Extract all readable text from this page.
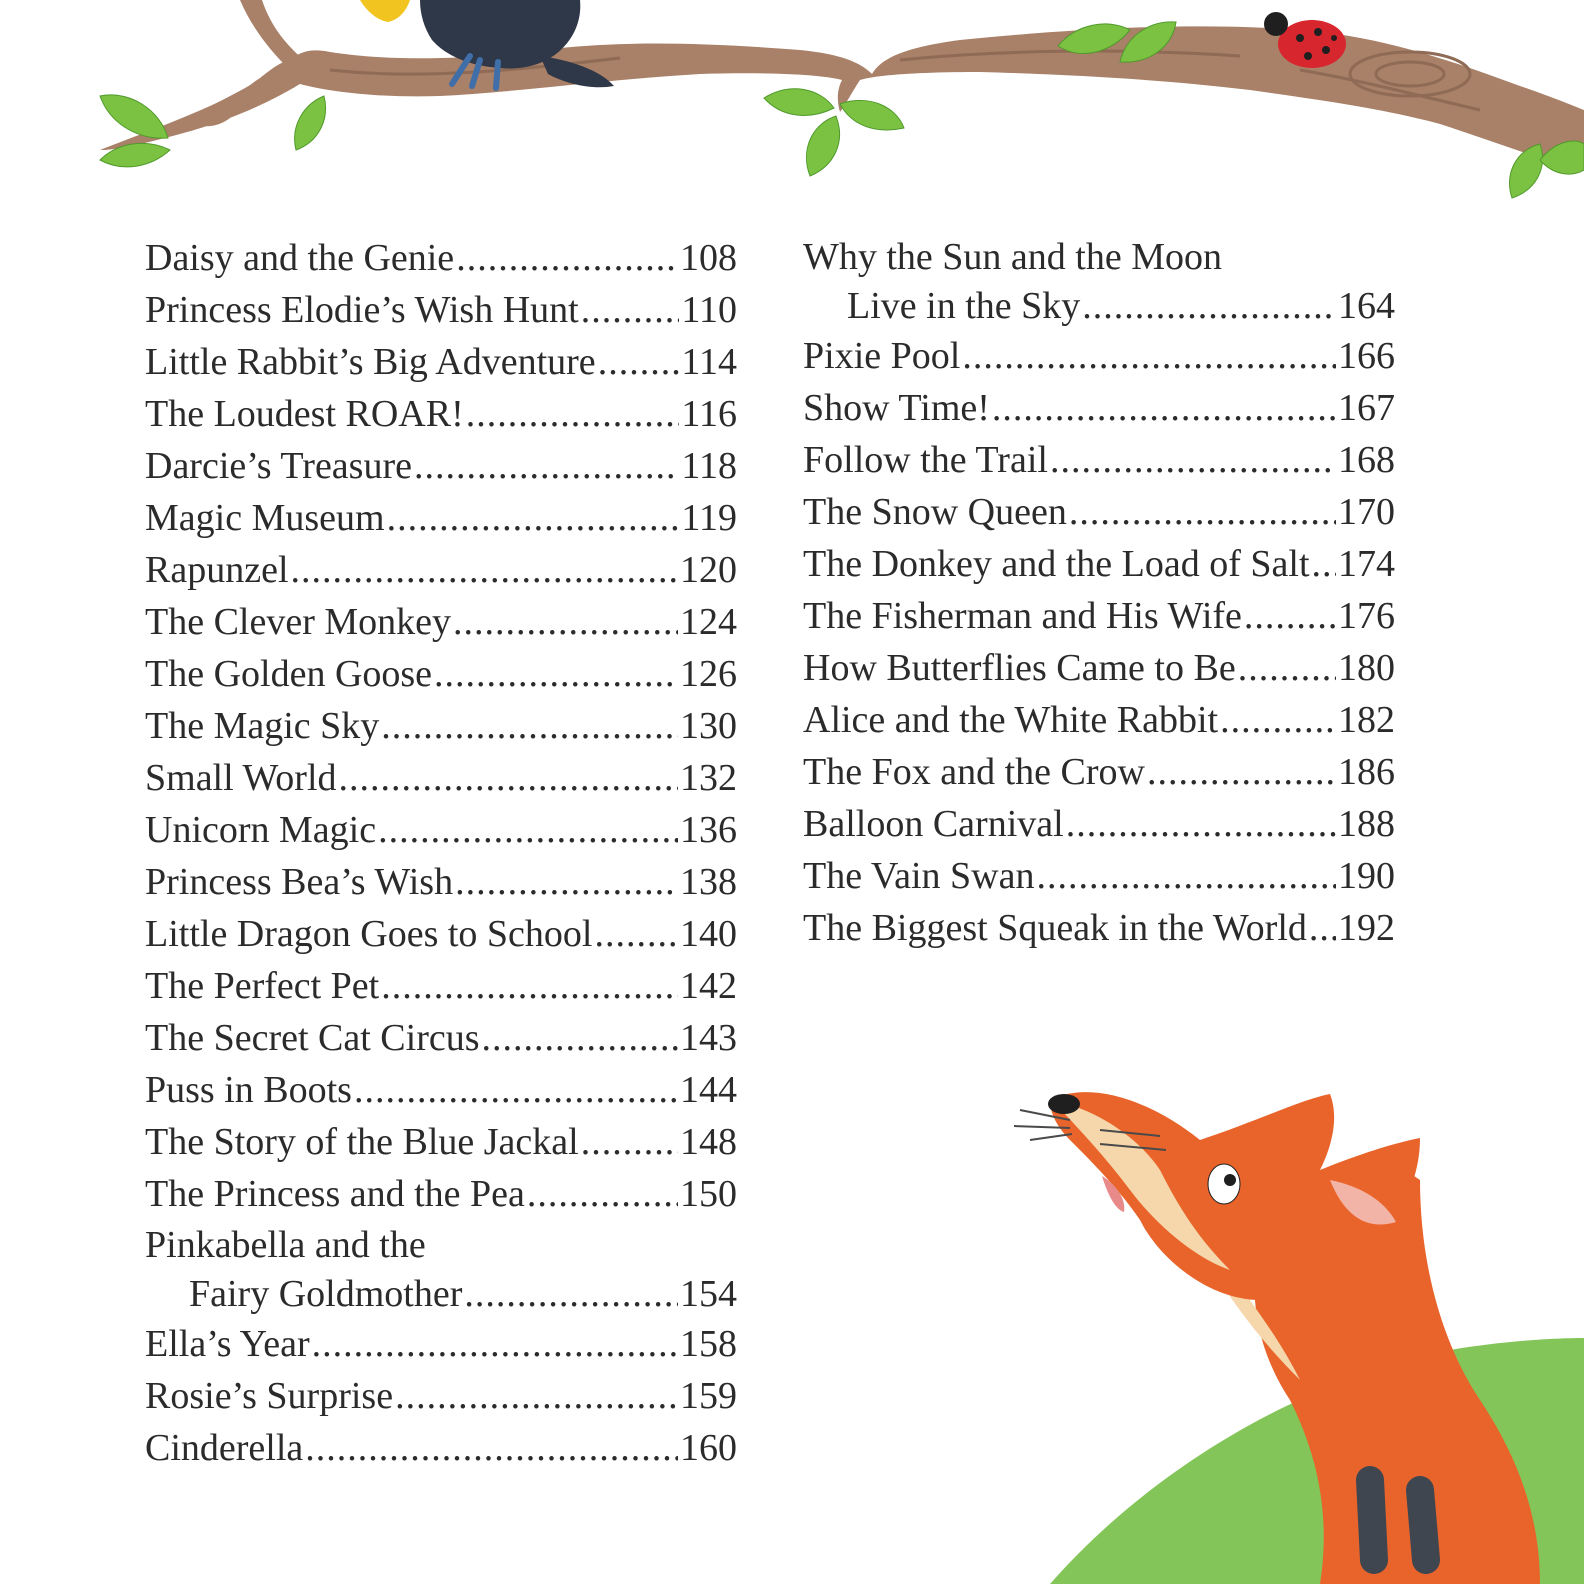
Daisy and the Genie .....	108
Princess Elodie’s Wish Hunt .....	110
Little Rabbit’s Big Adventure ..... 114
The Loudest ROAR! .....	116
Darcie’s Treasure .....	118
Magic Museum .....	119
Rapunzel .....	120
The Clever Monkey .....	124
The Golden Goose .....	126
The Magic Sky .....	130
Small World .....	132
Unicorn Magic .....	136
Princess Bea’s Wish .....	138
Little Dragon Goes to School ..... 140
The Perfect Pet .....	142
The Secret Cat Circus .....	143
Puss in Boots .....	144
The Story of the Blue Jackal .....	148
The Princess and the Pea .....	150
Pinkabella and the
Fairy Goldmother .....	154
Ella’s Year .....	158
Rosie’s Surprise .....	159
Cinderella .....	160
Why the Sun and the Moon
Live in the Sky .....	164
Pixie Pool .....	166
Show Time! .....	167
Follow the Trail .....	168
The Snow Queen .....	170
The Donkey and the Load of Salt ..... 174
The Fisherman and His Wife .....	176
How Butterflies Came to Be .....	180
Alice and the White Rabbit .....	182
The Fox and the Crow .....	186
Balloon Carnival .....	188
The Vain Swan .....	190
The Biggest Squeak in the World ..... 192
